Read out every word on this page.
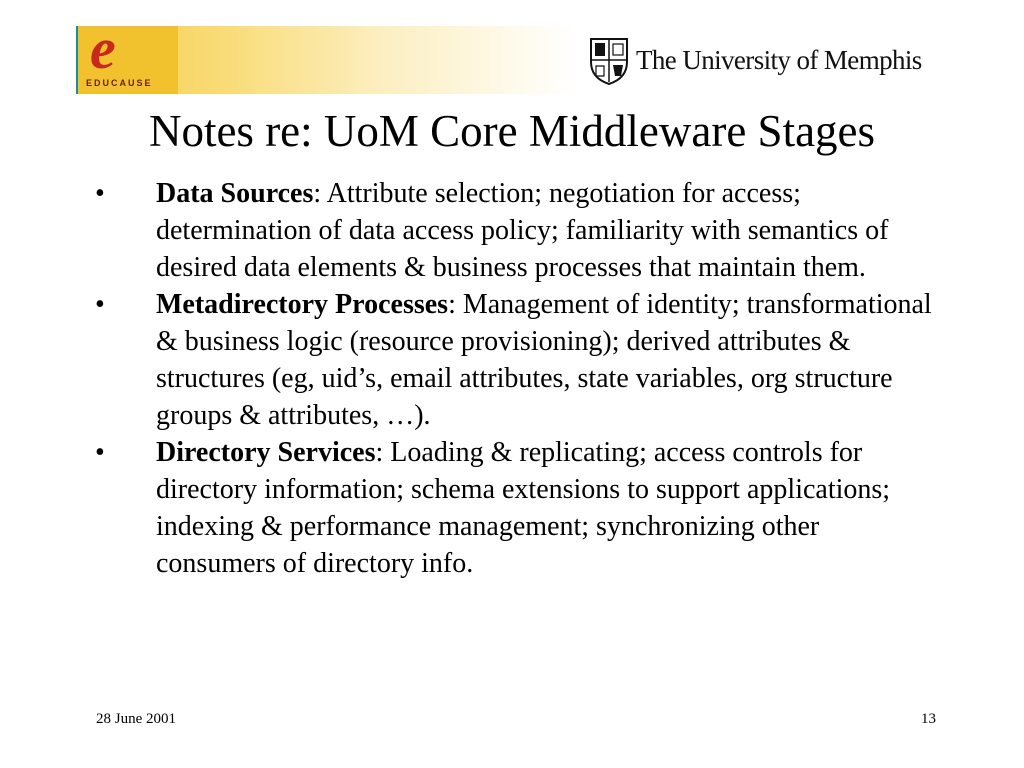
e
EDUCAUSE
The University of Memphis
Notes re: UoM Core Middleware Stages
• Data Sources: Attribute selection; negotiation for access; determination of data access policy; familiarity with semantics of desired data elements & business processes that maintain them.
• Metadirectory Processes: Management of identity; transformational & business logic (resource provisioning); derived attributes & structures (eg, uid’s, email attributes, state variables, org structure groups & attributes, …).
• Directory Services: Loading & replicating; access controls for directory information; schema extensions to support applications; indexing & performance management; synchronizing other consumers of directory info.
28 June 2001	13
